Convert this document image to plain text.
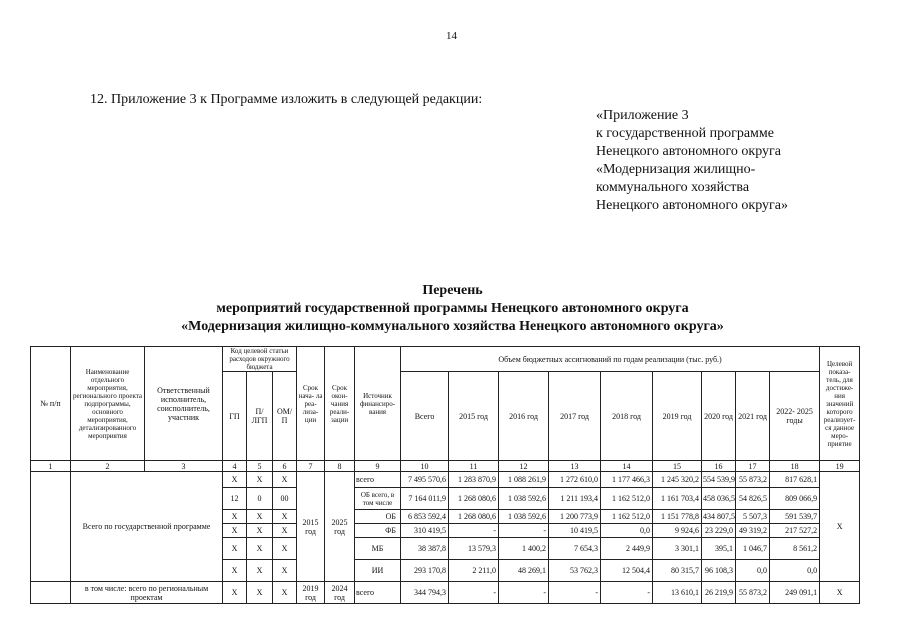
14
12. Приложение 3 к Программе изложить в следующей редакции:
«Приложение 3
к государственной программе
Ненецкого автономного округа
«Модернизация жилищно-
коммунального хозяйства
Ненецкого автономного округа»
Перечень
мероприятий государственной программы Ненецкого автономного округа
«Модернизация жилищно-коммунального хозяйства Ненецкого автономного округа»
№ п/п	Наименование отдельного мероприятия, регионального проекта подпрограммы, основного мероприятия, детализированного мероприятия	Ответственный исполнитель, соисполнитель, участник	Код целевой статьи расходов окружного бюджета			Срок нача- ла реа- лиза- ции	Срок окон- чания реали- зации	Источник финансиро- вания	Объем бюджетных ассигнований по годам реализации (тыс. руб.)									Целевой показа- тель, для достиже- ния значений которого реализует- ся данное меро- приятие
			ГП	П/ЛГП	ОМ/ П				Всего	2015 год	2016 год	2017 год	2018 год	2019 год	2020 год	2021 год	2022- 2025 годы	
1	2	3	4	5	6	7	8	9	10	11	12	13	14	15	16	17	18	19
	Всего по государственной программе		X	X	X	2015 год	2025 год	всего	7 495 570,6	1 283 870,9	1 088 261,9	1 272 610,0	1 177 466,3	1 245 320,2	554 539,9	55 873,2	817 628,1	X
			12	0	00			ОБ всего, в том числе	7 164 011,9	1 268 080,6	1 038 592,6	1 211 193,4	1 162 512,0	1 161 703,4	458 036,5	54 826,5	809 066,9	
			X	X	X			ОБ	6 853 592,4	1 268 080,6	1 038 592,6	1 200 773,9	1 162 512,0	1 151 778,8	434 807,5	5 507,3	591 539,7	
			X	X	X			ФБ	310 419,5	-	-	10 419,5	0,0	9 924,6	23 229,0	49 319,2	217 527,2	
			X	X	X			МБ	38 387,8	13 579,3	1 400,2	7 654,3	2 449,9	3 301,1	395,1	1 046,7	8 561,2	
			X	X	X			ИИ	293 170,8	2 211,0	48 269,1	53 762,3	12 504,4	80 315,7	96 108,3	0,0	0,0	
	в том числе: всего по региональным проектам		X	X	X	2019 год	2024 год	всего	344 794,3	-	-	-	-	13 610,1	26 219,9	55 873,2	249 091,1	X
